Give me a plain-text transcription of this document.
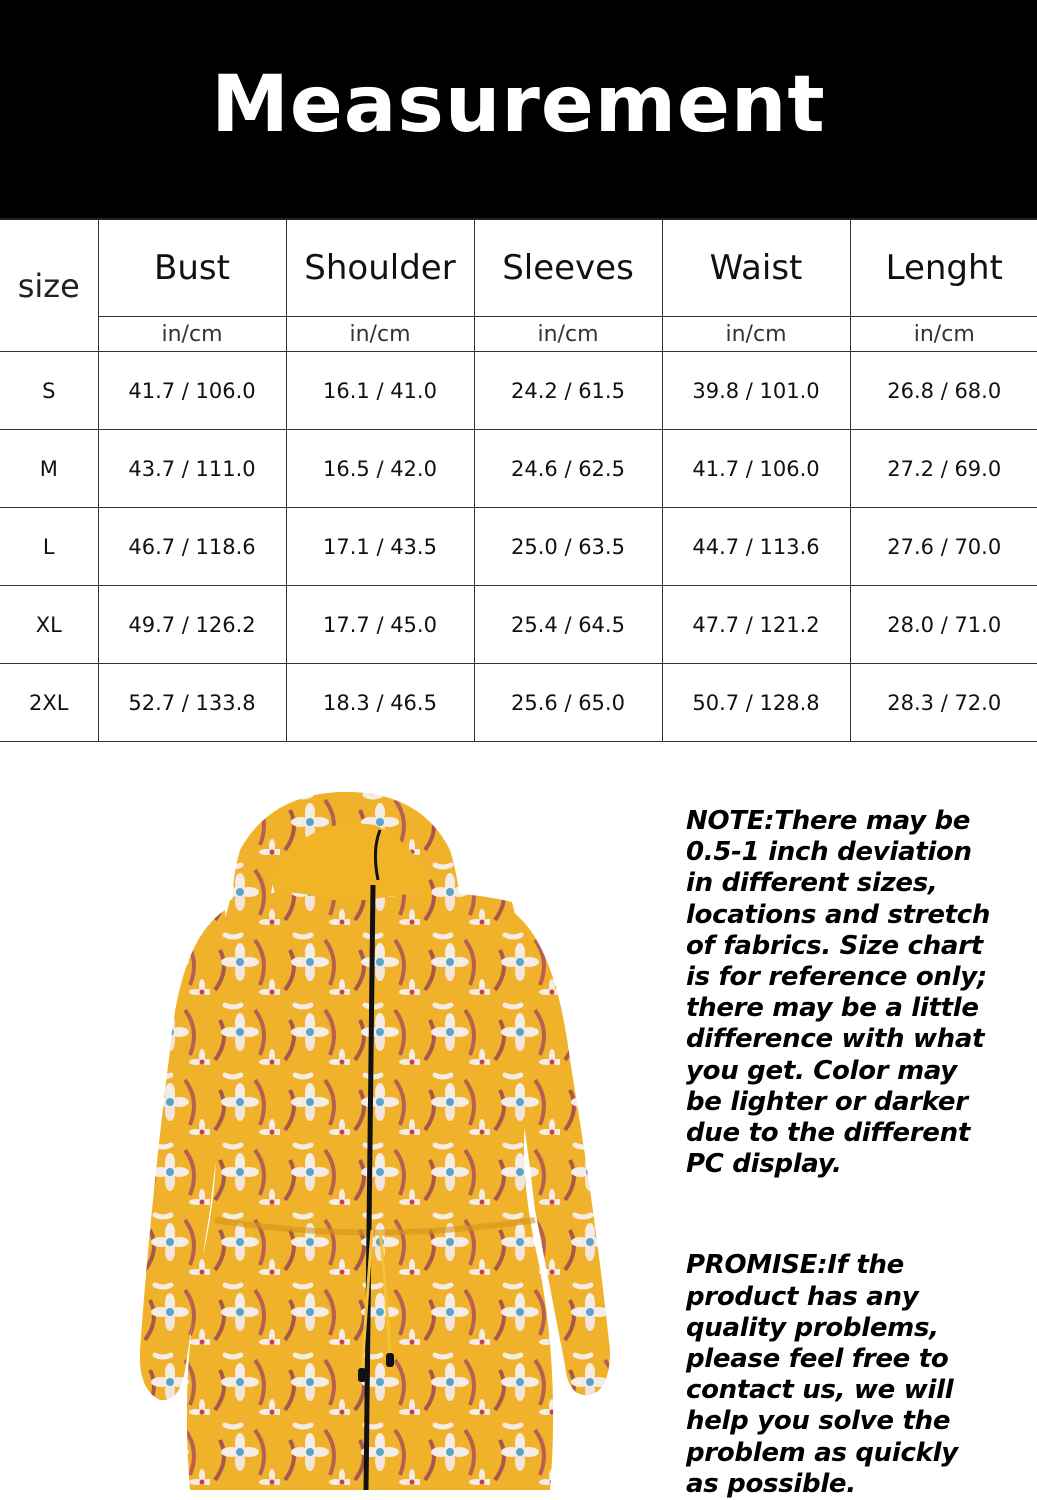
Measurement
size	Bust	Shoulder	Sleeves	Waist	Lenght
	in/cm	in/cm	in/cm	in/cm	in/cm
S	41.7 / 106.0	16.1 / 41.0	24.2 / 61.5	39.8 / 101.0	26.8 / 68.0
M	43.7 / 111.0	16.5 / 42.0	24.6 / 62.5	41.7 / 106.0	27.2 / 69.0
L	46.7 / 118.6	17.1 / 43.5	25.0 / 63.5	44.7 / 113.6	27.6 / 70.0
XL	49.7 / 126.2	17.7 / 45.0	25.4 / 64.5	47.7 / 121.2	28.0 / 71.0
2XL	52.7 / 133.8	18.3 / 46.5	25.6 / 65.0	50.7 / 128.8	28.3 / 72.0
NOTE:There may be
0.5-1 inch deviation
in different sizes,
locations and stretch
of fabrics. Size chart
is for reference only;
there may be a little
difference with what
you get. Color may
be lighter or darker
due to the different
PC display.
PROMISE:If the
product has any
quality problems,
please feel free to
contact us, we will
help you solve the
problem as quickly
as possible.
